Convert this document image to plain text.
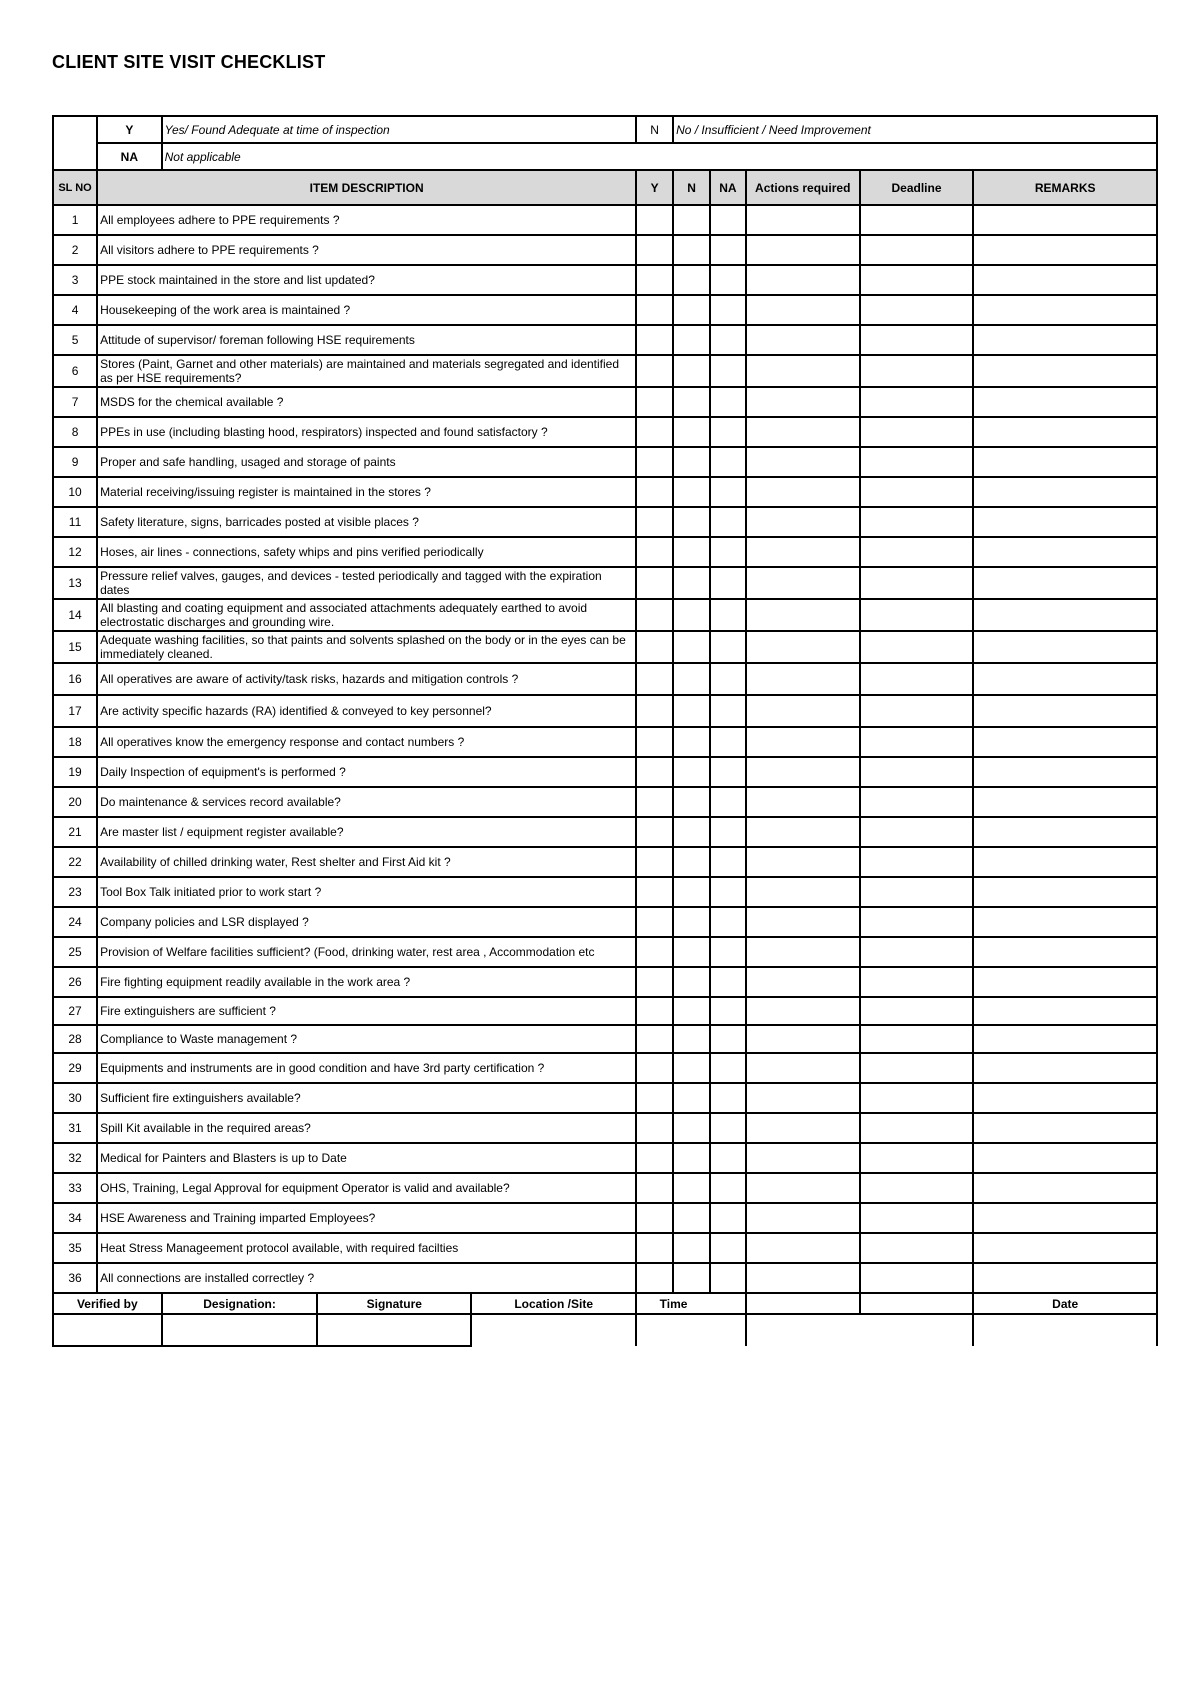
CLIENT SITE VISIT CHECKLIST
	Y	Yes/ Found Adequate at time of inspection			N	No / Insufficient / Need Improvement				
	NA	Not applicable								
SL NO	ITEM DESCRIPTION				Y	N	NA	Actions required	Deadline	REMARKS
1	All employees adhere to PPE requirements ?									
2	All visitors adhere to PPE requirements ?									
3	PPE stock maintained in the store and list updated?									
4	Housekeeping of the work area is maintained ?									
5	Attitude of supervisor/ foreman following HSE requirements									
6	Stores (Paint, Garnet and other materials) are maintained and materials segregated and identified as per HSE requirements?									
7	MSDS for the chemical available ?									
8	PPEs in use (including blasting hood, respirators) inspected and found satisfactory ?									
9	Proper and safe handling, usaged and storage of paints									
10	Material receiving/issuing register is maintained in the stores ?									
11	Safety literature, signs, barricades posted at visible places ?									
12	Hoses, air lines - connections, safety whips and pins verified periodically									
13	Pressure relief valves, gauges, and devices - tested periodically and tagged with the expiration dates									
14	All blasting and coating equipment and associated attachments adequately earthed to avoid electrostatic discharges and grounding wire.									
15	Adequate washing facilities, so that paints and solvents splashed on the body or in the eyes can be immediately cleaned.									
16	All operatives are aware of activity/task risks, hazards and mitigation controls ?									
17	Are activity specific hazards (RA) identified & conveyed to key personnel?									
18	All operatives know the emergency response and contact numbers ?									
19	Daily Inspection of equipment's is performed ?									
20	Do maintenance & services record available?									
21	Are master list / equipment register available?									
22	Availability of chilled drinking water, Rest shelter and First Aid kit ?									
23	Tool Box Talk initiated prior to work start ?									
24	Company policies and LSR displayed ?									
25	Provision of Welfare facilities sufficient? (Food, drinking water, rest area , Accommodation etc									
26	Fire fighting equipment readily available in the work area ?									
27	Fire extinguishers are sufficient ?									
28	Compliance to Waste management ?									
29	Equipments and instruments are in good condition and have 3rd party certification ?									
30	Sufficient fire extinguishers available?									
31	Spill Kit available in the required areas?									
32	Medical for Painters and Blasters is up to Date									
33	OHS, Training, Legal Approval for equipment Operator is valid and available?									
34	HSE Awareness and Training imparted Employees?									
35	Heat Stress Manageement protocol available, with required facilties									
36	All connections are installed correctley ?									
Verified by		Designation:	Signature	Location /Site	Time					Date
